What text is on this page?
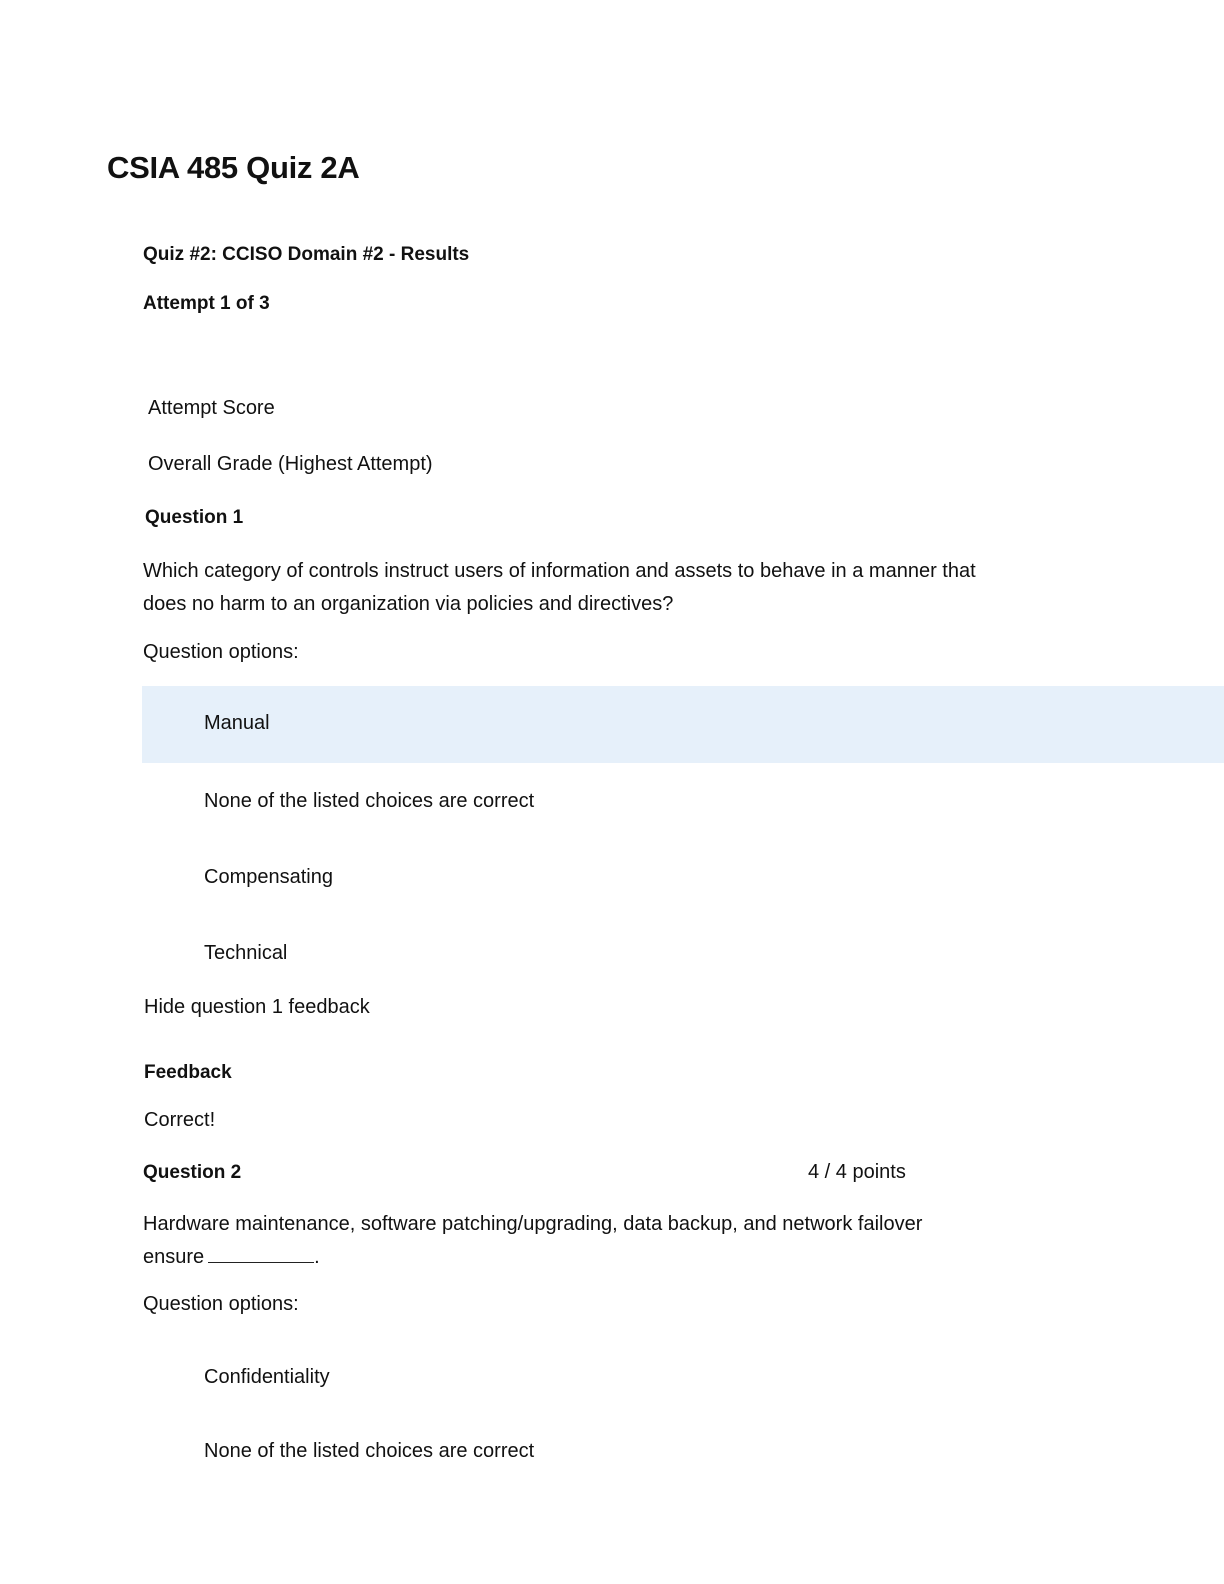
CSIA 485 Quiz 2A
Quiz #2: CCISO Domain #2 - Results
Attempt 1 of 3
Attempt Score
Overall Grade (Highest Attempt)
Question 1
Which category of controls instruct users of information and assets to behave in a manner that
does no harm to an organization via policies and directives?
Question options:
Manual
None of the listed choices are correct
Compensating
Technical
Hide question 1 feedback
Feedback
Correct!
Question 2	4 / 4 points
Hardware maintenance, software patching/upgrading, data backup, and network failover
ensure	.
Question options:
Confidentiality
None of the listed choices are correct
